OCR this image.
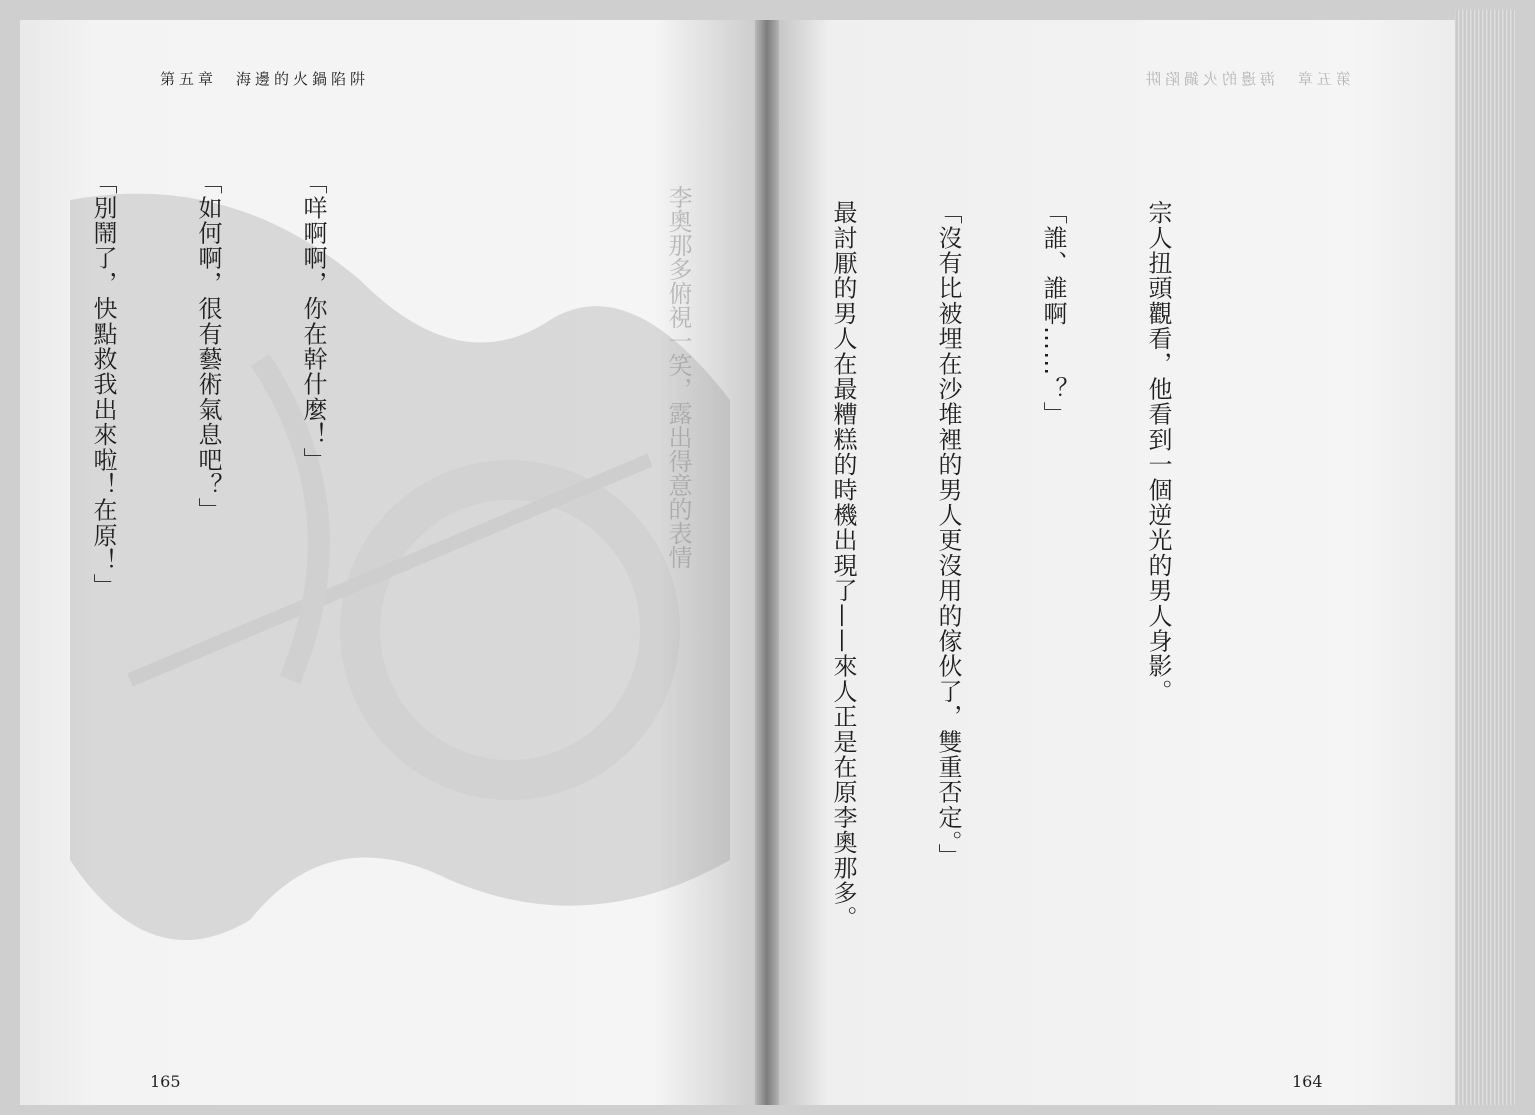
第五章　海邊的火鍋陷阱
李奧那多俯視一笑，露出得意的表情

「咩啊啊，你在幹什麼！」

「如何啊，很有藝術氣息吧？」

「別鬧了，快點救我出來啦！在原！」

165
第五章　海邊的火鍋陷阱

宗人扭頭觀看，他看到一個逆光的男人身影。

「誰、誰啊……？」

「沒有比被埋在沙堆裡的男人更沒用的傢伙了，雙重否定。」

最討厭的男人在最糟糕的時機出現了——來人正是在原李奧那多。

164
